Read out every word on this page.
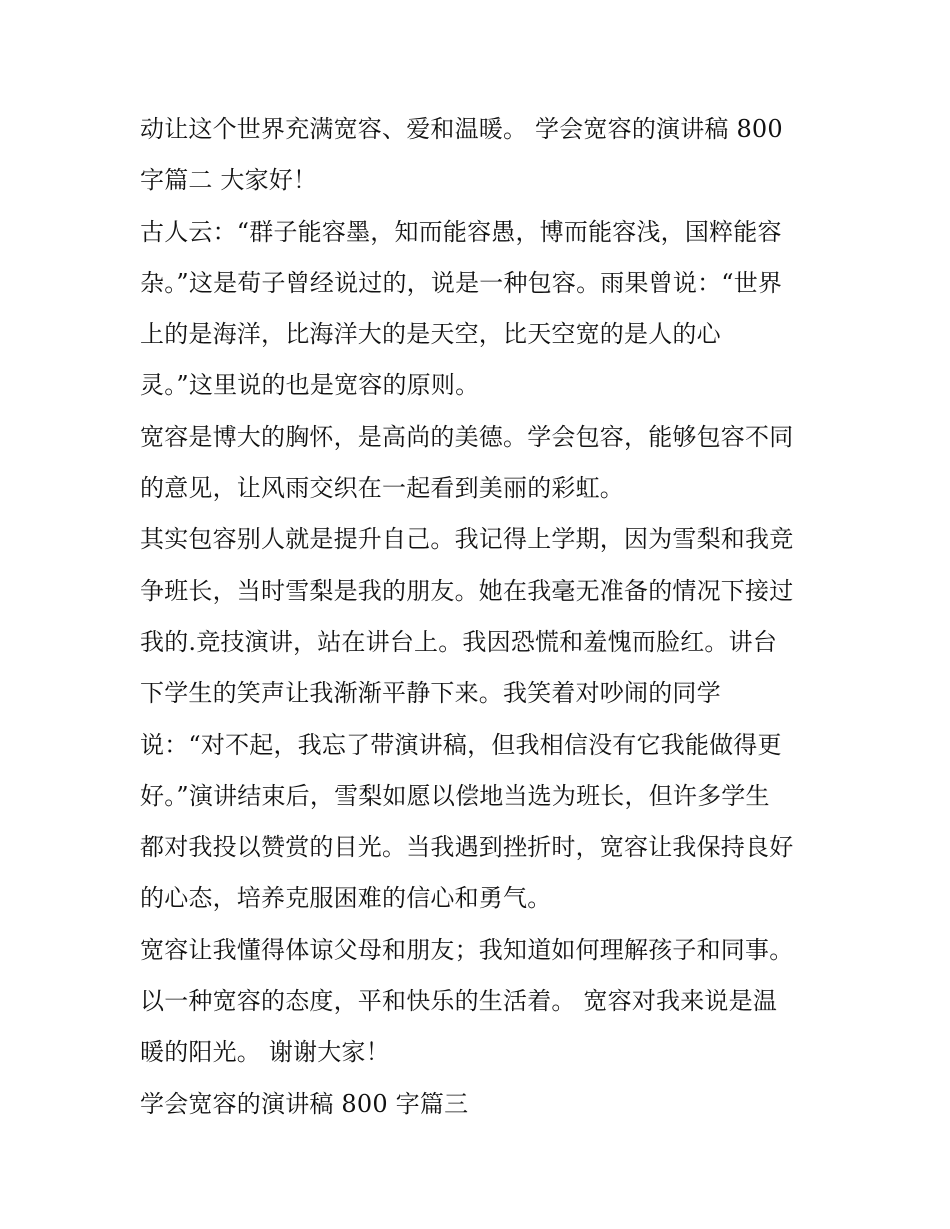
动让这个世界充满宽容、爱和温暖。 学会宽容的演讲稿 800
字篇二 大家好！
古人云：“群子能容墨，知而能容愚，博而能容浅，国粹能容
杂。”这是荀子曾经说过的，说是一种包容。雨果曾说：“世界
上的是海洋，比海洋大的是天空，比天空宽的是人的心
灵。”这里说的也是宽容的原则。
宽容是博大的胸怀，是高尚的美德。学会包容，能够包容不同
的意见，让风雨交织在一起看到美丽的彩虹。
其实包容别人就是提升自己。我记得上学期，因为雪梨和我竞
争班长，当时雪梨是我的朋友。她在我毫无准备的情况下接过
我的.竞技演讲，站在讲台上。我因恐慌和羞愧而脸红。讲台
下学生的笑声让我渐渐平静下来。我笑着对吵闹的同学
说：“对不起，我忘了带演讲稿，但我相信没有它我能做得更
好。”演讲结束后，雪梨如愿以偿地当选为班长，但许多学生
都对我投以赞赏的目光。当我遇到挫折时，宽容让我保持良好
的心态，培养克服困难的信心和勇气。
宽容让我懂得体谅父母和朋友；我知道如何理解孩子和同事。
以一种宽容的态度，平和快乐的生活着。 宽容对我来说是温
暖的阳光。 谢谢大家！
学会宽容的演讲稿 800 字篇三
